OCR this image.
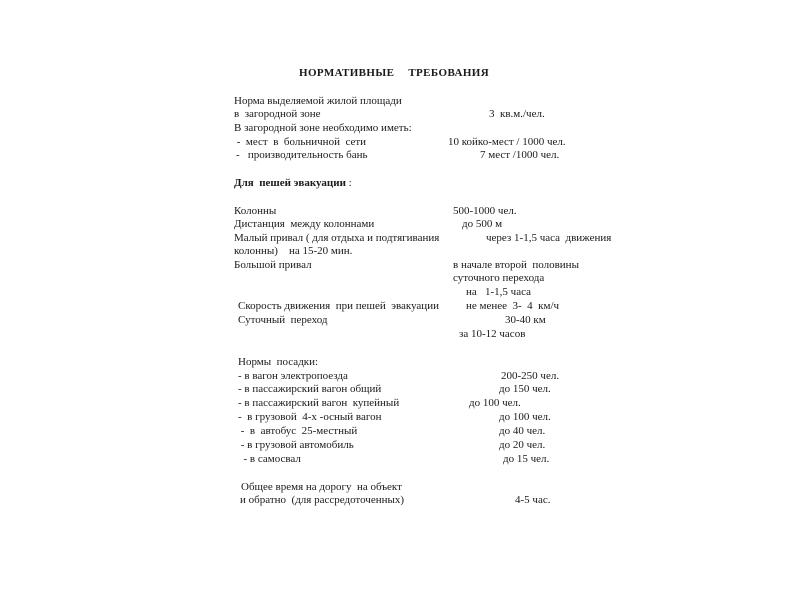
НОРМАТИВНЫЕ ТРЕБОВАНИЯ
Норма выделяемой жилой площади
в  загородной зоне	3  кв.м./чел.
В загородной зоне необходимо иметь:
-  мест  в  больничной  сети	10 койко-мест / 1000 чел.
-   производительность бань	7 мест /1000 чел.
Для  пешей эвакуации :
Колонны	500-1000 чел.
Дистанция  между колоннами	до 500 м
Малый привал ( для отдыха и подтягивания	через 1-1,5 часа  движения
колонны)    на 15-20 мин.
Большой привал	в начале второй  половины
суточного перехода
на   1-1,5 часа
Скорость движения  при пешей  эвакуации не менее  3-  4  км/ч
Суточный  переход	30-40 км
за 10-12 часов
Нормы  посадки:
- в вагон электропоезда	200-250 чел.
- в пассажирский вагон общий	до 150 чел.
- в пассажирский вагон  купейный	до 100 чел.
-  в грузовой  4-х -осный вагон	до 100 чел.
-  в  автобус  25-местный	до 40 чел.
- в грузовой автомобиль	до 20 чел.
- в самосвал	до 15 чел.
Общее время на дорогу  на объект
и обратно  (для рассредоточенных)	4-5 час.
